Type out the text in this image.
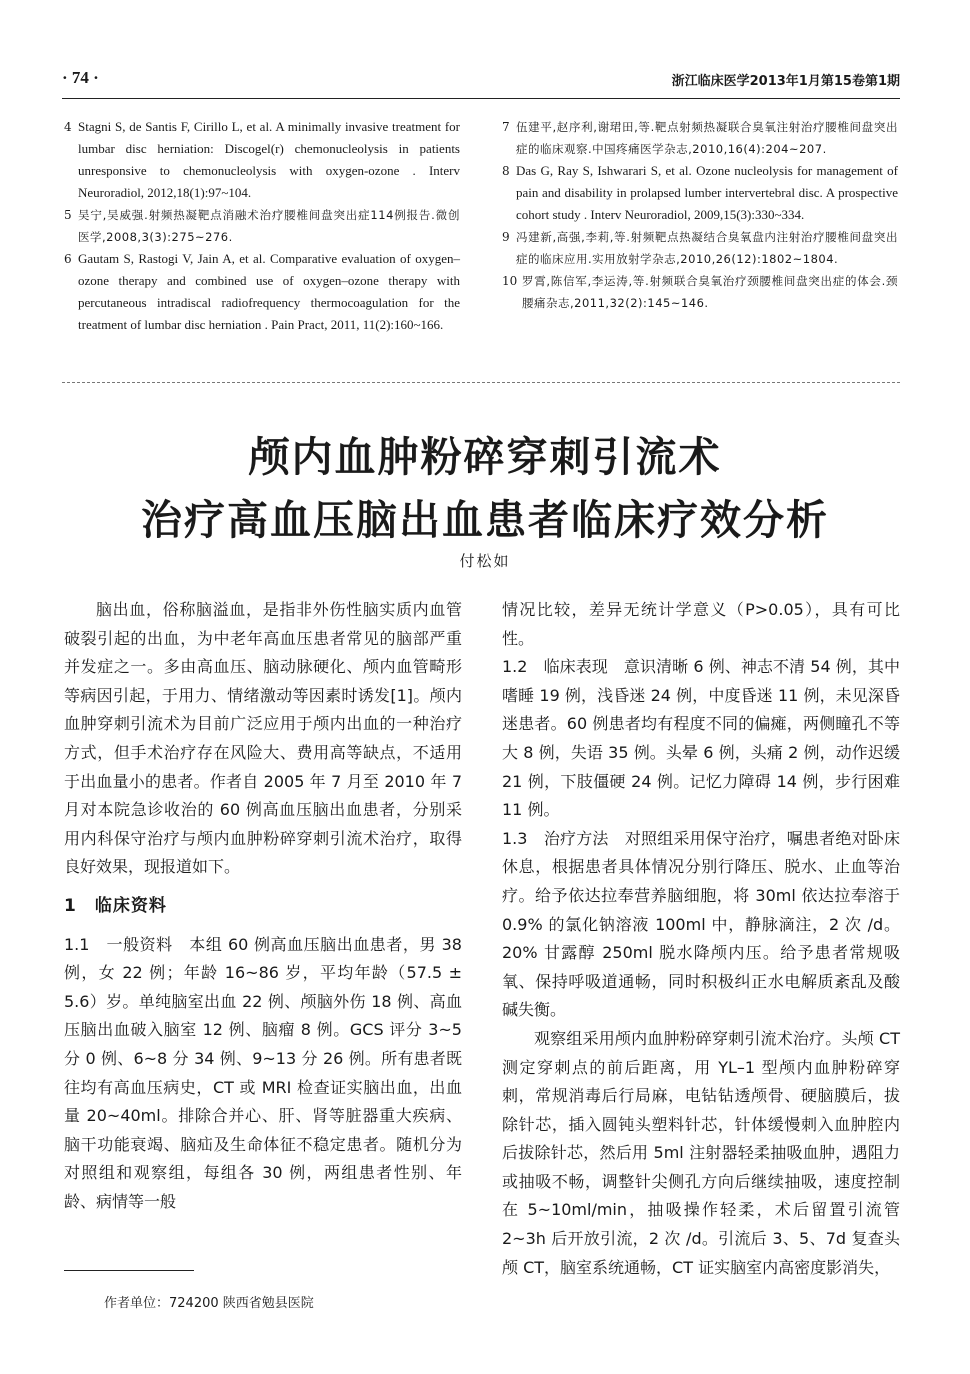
· 74 ·	浙江临床医学2013年1月第15卷第1期
4 Stagni S, de Santis F, Cirillo L, et al. A minimally invasive treatment for lumbar disc herniation: Discogel(r) chemonucleolysis in patients unresponsive to chemonucleolysis with oxygen-ozone . Interv Neuroradiol, 2012,18(1):97~104.
5 吴宁,吴威强.射频热凝靶点消融术治疗腰椎间盘突出症114例报告.微创医学,2008,3(3):275~276.
6 Gautam S, Rastogi V, Jain A, et al. Comparative evaluation of oxygen–ozone therapy and combined use of oxygen–ozone therapy with percutaneous intradiscal radiofrequency thermocoagulation for the treatment of lumbar disc herniation . Pain Pract, 2011, 11(2):160~166.
7 伍建平,赵序利,谢珺田,等.靶点射频热凝联合臭氧注射治疗腰椎间盘突出症的临床观察.中国疼痛医学杂志,2010,16(4):204~207.
8 Das G, Ray S, Ishwarari S, et al. Ozone nucleolysis for management of pain and disability in prolapsed lumber intervertebral disc. A prospective cohort study . Interv Neuroradiol, 2009,15(3):330~334.
9 冯建新,高强,李莉,等.射频靶点热凝结合臭氧盘内注射治疗腰椎间盘突出症的临床应用.实用放射学杂志,2010,26(12):1802~1804.
10 罗霄,陈信军,李运涛,等.射频联合臭氧治疗颈腰椎间盘突出症的体会.颈腰痛杂志,2011,32(2):145~146.
颅内血肿粉碎穿刺引流术
治疗高血压脑出血患者临床疗效分析
付松如

脑出血，俗称脑溢血，是指非外伤性脑实质内血管破裂引起的出血，为中老年高血压患者常见的脑部严重并发症之一。多由高血压、脑动脉硬化、颅内血管畸形等病因引起，于用力、情绪激动等因素时诱发[1]。颅内血肿穿刺引流术为目前广泛应用于颅内出血的一种治疗方式，但手术治疗存在风险大、费用高等缺点，不适用于出血量小的患者。作者自 2005 年 7 月至 2010 年 7 月对本院急诊收治的 60 例高血压脑出血患者，分别采用内科保守治疗与颅内血肿粉碎穿刺引流术治疗，取得良好效果，现报道如下。

1　临床资料

1.1　一般资料　本组 60 例高血压脑出血患者，男 38 例，女 22 例；年龄 16~86 岁，平均年龄（57.5 ± 5.6）岁。单纯脑室出血 22 例、颅脑外伤 18 例、高血压脑出血破入脑室 12 例、脑瘤 8 例。GCS 评分 3~5 分 0 例、6~8 分 34 例、9~13 分 26 例。所有患者既往均有高血压病史，CT 或 MRI 检查证实脑出血，出血量 20~40ml。排除合并心、肝、肾等脏器重大疾病、脑干功能衰竭、脑疝及生命体征不稳定患者。随机分为对照组和观察组，每组各 30 例，两组患者性别、年龄、病情等一般

情况比较，差异无统计学意义（P>0.05），具有可比性。

1.2　临床表现　意识清晰 6 例、神志不清 54 例，其中嗜睡 19 例，浅昏迷 24 例，中度昏迷 11 例，未见深昏迷患者。60 例患者均有程度不同的偏瘫，两侧瞳孔不等大 8 例，失语 35 例。头晕 6 例，头痛 2 例，动作迟缓 21 例，下肢僵硬 24 例。记忆力障碍 14 例，步行困难 11 例。

1.3　治疗方法　对照组采用保守治疗，嘱患者绝对卧床休息，根据患者具体情况分别行降压、脱水、止血等治疗。给予依达拉奉营养脑细胞，将 30ml 依达拉奉溶于 0.9% 的氯化钠溶液 100ml 中，静脉滴注，2 次 /d。20% 甘露醇 250ml 脱水降颅内压。给予患者常规吸氧、保持呼吸道通畅，同时积极纠正水电解质紊乱及酸碱失衡。

观察组采用颅内血肿粉碎穿刺引流术治疗。头颅 CT 测定穿刺点的前后距离，用 YL–1 型颅内血肿粉碎穿刺，常规消毒后行局麻，电钻钻透颅骨、硬脑膜后，拔除针芯，插入圆钝头塑料针芯，针体缓慢刺入血肿腔内后拔除针芯，然后用 5ml 注射器轻柔抽吸血肿，遇阻力或抽吸不畅，调整针尖侧孔方向后继续抽吸，速度控制在 5~10ml/min，抽吸操作轻柔，术后留置引流管 2~3h 后开放引流，2 次 /d。引流后 3、5、7d 复查头颅 CT，脑室系统通畅，CT 证实脑室内高密度影消失，

作者单位：724200 陕西省勉县医院
